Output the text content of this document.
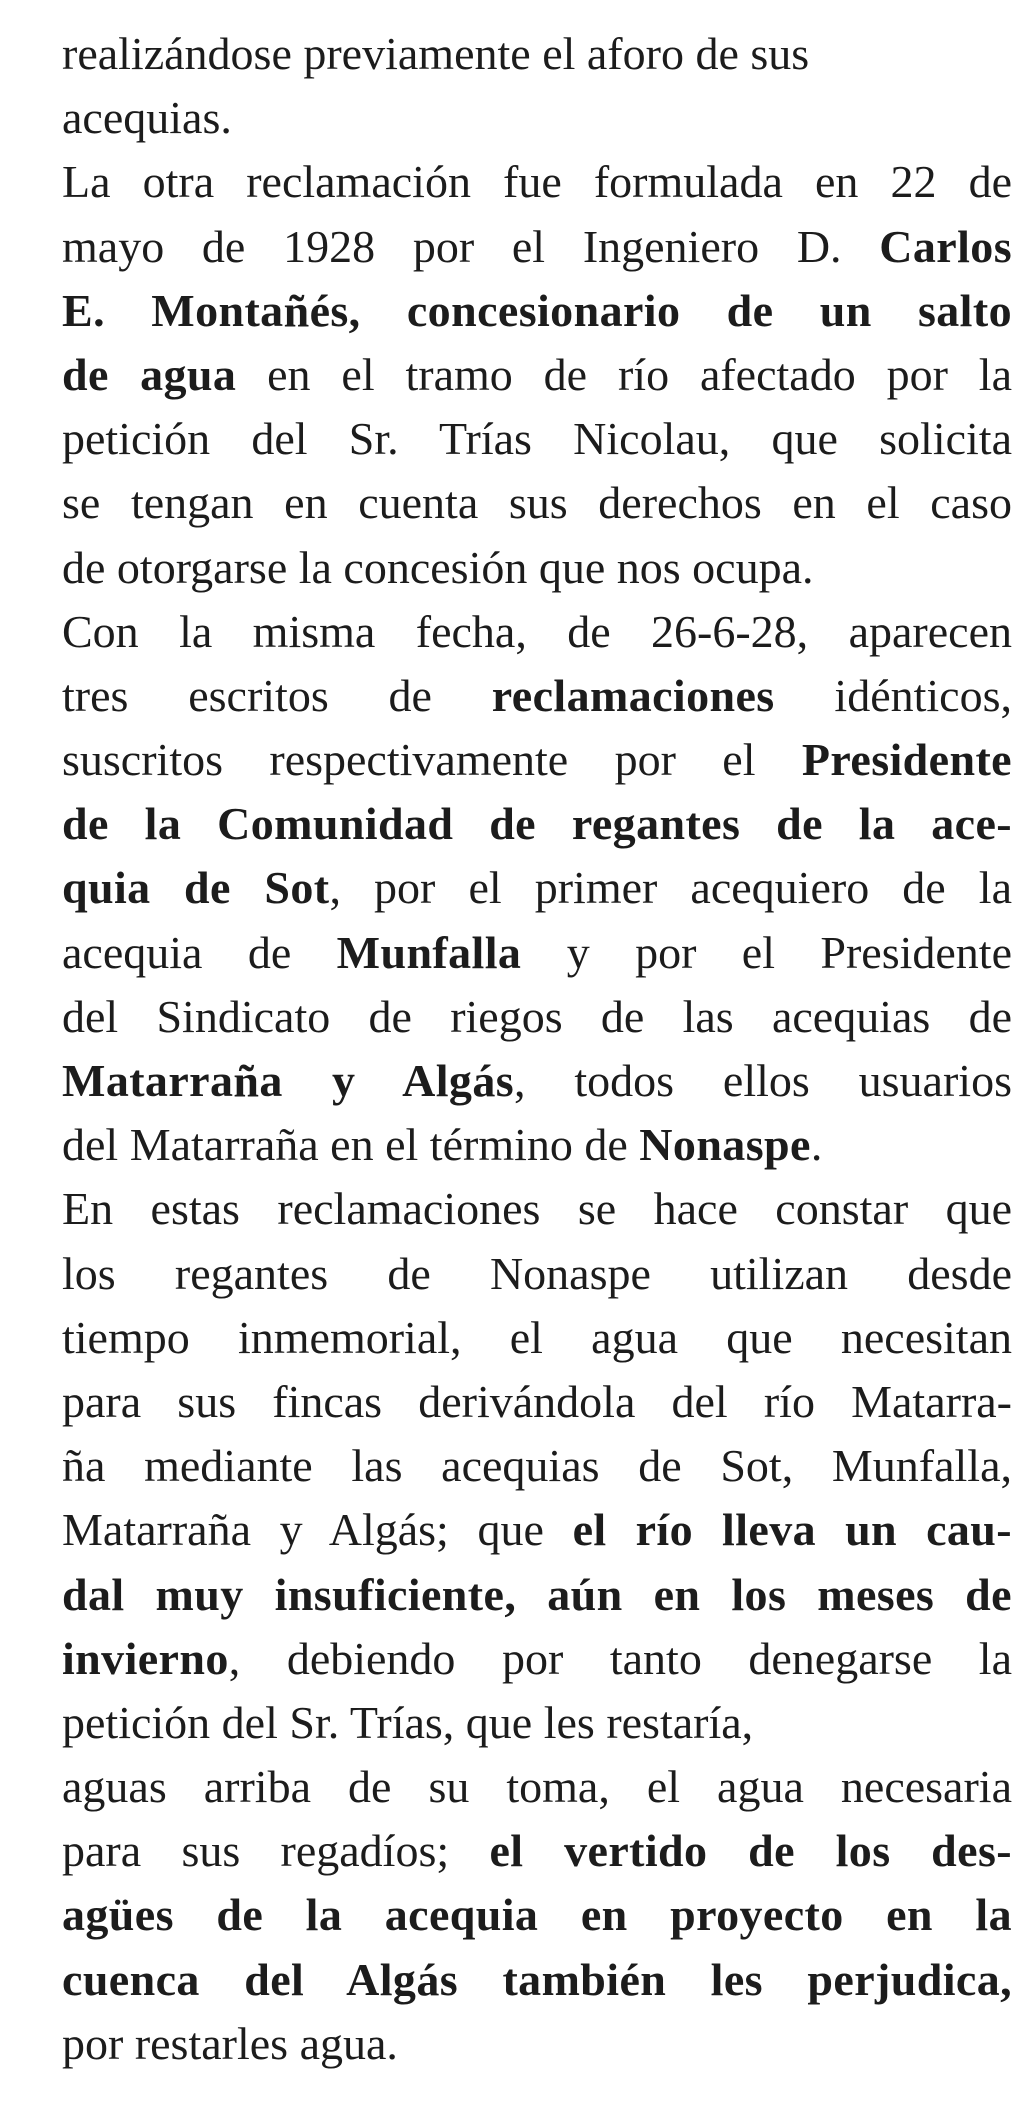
realizándose previamente el aforo de sus
acequias.
La otra reclamación fue formulada en 22 de
mayo de 1928 por el Ingeniero D. Carlos
E. Montañés, concesionario de un salto
de agua en el tramo de río afectado por la
petición del Sr. Trías Nicolau, que solicita
se tengan en cuenta sus derechos en el caso
de otorgarse la concesión que nos ocupa.
Con la misma fecha, de 26-6-28, aparecen
tres escritos de reclamaciones idénticos,
suscritos respectivamente por el Presidente
de la Comunidad de regantes de la ace-
quia de Sot, por el primer acequiero de la
acequia de Munfalla y por el Presidente
del Sindicato de riegos de las acequias de
Matarraña y Algás, todos ellos usuarios
del Matarraña en el término de Nonaspe.
En estas reclamaciones se hace constar que
los regantes de Nonaspe utilizan desde
tiempo inmemorial, el agua que necesitan
para sus fincas derivándola del río Matarra-
ña mediante las acequias de Sot, Munfalla,
Matarraña y Algás; que el río lleva un cau-
dal muy insuficiente, aún en los meses de
invierno, debiendo por tanto denegarse la
petición del Sr. Trías, que les restaría,
aguas arriba de su toma, el agua necesaria
para sus regadíos; el vertido de los des-
agües de la acequia en proyecto en la
cuenca del Algás también les perjudica,
por restarles agua.
